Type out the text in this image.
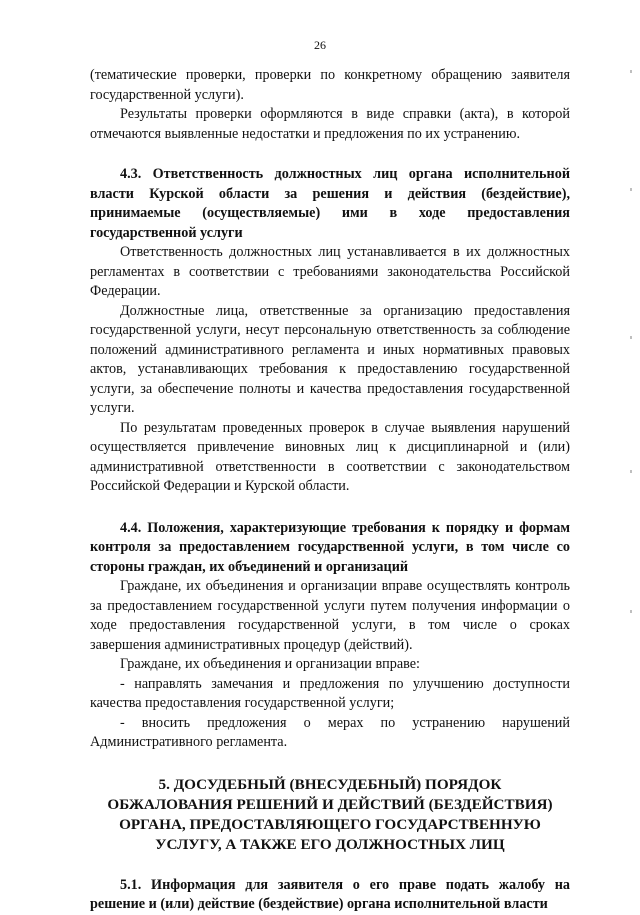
26

(тематические проверки, проверки по конкретному обращению заявителя государственной услуги).

Результаты проверки оформляются в виде справки (акта), в которой отмечаются выявленные недостатки и предложения по их устранению.

4.3. Ответственность должностных лиц органа исполнительной власти Курской области за решения и действия (бездействие), принимаемые (осуществляемые) ими в ходе предоставления государственной услуги

Ответственность должностных лиц устанавливается в их должностных регламентах в соответствии с требованиями законодательства Российской Федерации.

Должностные лица, ответственные за организацию предоставления государственной услуги, несут персональную ответственность за соблюдение положений административного регламента и иных нормативных правовых актов, устанавливающих требования к предоставлению государственной услуги, за обеспечение полноты и качества предоставления государственной услуги.

По результатам проведенных проверок в случае выявления нарушений осуществляется привлечение виновных лиц к дисциплинарной и (или) административной ответственности в соответствии с законодательством Российской Федерации и Курской области.

4.4. Положения, характеризующие требования к порядку и формам контроля за предоставлением государственной услуги, в том числе со стороны граждан, их объединений и организаций

Граждане, их объединения и организации вправе осуществлять контроль за предоставлением государственной услуги путем получения информации о ходе предоставления государственной услуги, в том числе о сроках завершения административных процедур (действий).

Граждане, их объединения и организации вправе:

- направлять замечания и предложения по улучшению доступности качества предоставления государственной услуги;

- вносить предложения о мерах по устранению нарушений Административного регламента.

5. ДОСУДЕБНЫЙ (ВНЕСУДЕБНЫЙ) ПОРЯДОК
ОБЖАЛОВАНИЯ РЕШЕНИЙ И ДЕЙСТВИЙ (БЕЗДЕЙСТВИЯ)
ОРГАНА, ПРЕДОСТАВЛЯЮЩЕГО ГОСУДАРСТВЕННУЮ
УСЛУГУ, А ТАКЖЕ ЕГО ДОЛЖНОСТНЫХ ЛИЦ

5.1. Информация для заявителя о его праве подать жалобу на решение и (или) действие (бездействие) органа исполнительной власти
